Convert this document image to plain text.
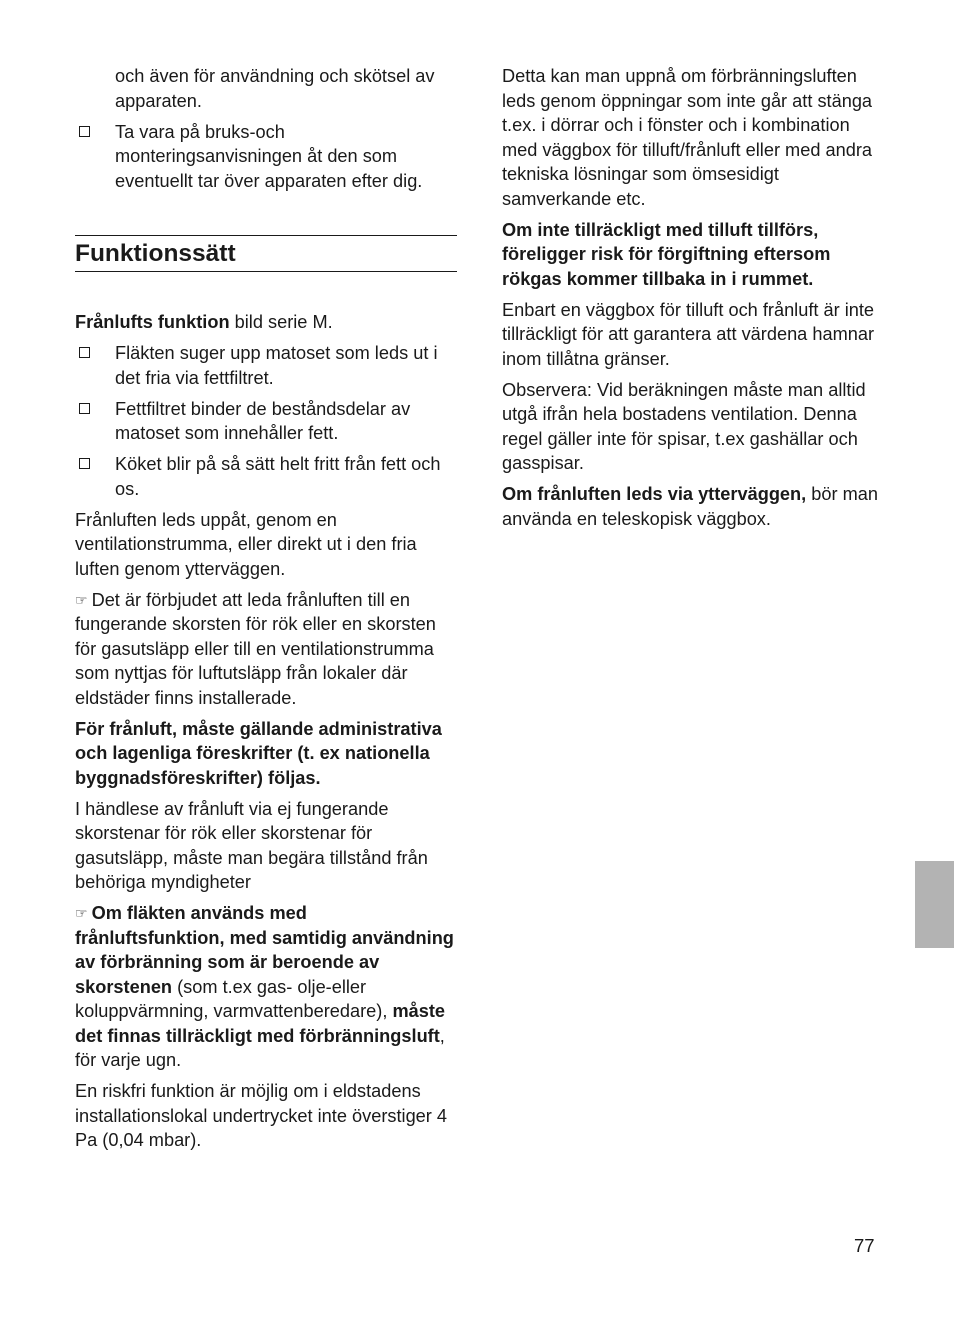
och även för användning och skötsel av apparaten.
Ta vara på bruks-och monteringsanvisningen åt den som eventuellt tar över apparaten efter dig.
Funktionssätt

Frånlufts funktion bild serie M.

Fläkten suger upp matoset som leds ut i det fria via fettfiltret.
Fettfiltret binder de beståndsdelar av matoset som innehåller fett.
Köket blir på så sätt helt fritt från fett och os.

Frånluften leds uppåt, genom en ventilationstrumma, eller direkt ut i den fria luften genom ytterväggen.

☞ Det är förbjudet att leda frånluften till en fungerande skorsten för rök eller en skorsten för gasutsläpp eller till en ventilationstrumma som nyttjas för luftutsläpp från lokaler där eldstäder finns installerade.

För frånluft, måste gällande administrativa och lagenliga föreskrifter (t. ex nationella byggnadsföreskrifter) följas.

I händlese av frånluft via ej fungerande skorstenar för rök eller skorstenar för gasutsläpp, måste man begära tillstånd från behöriga myndigheter

☞ Om fläkten används med frånluftsfunktion, med samtidig användning av förbränning som är beroende av skorstenen (som t.ex gas- olje-eller koluppvärmning, varmvattenberedare), måste det finnas tillräckligt med förbränningsluft, för varje ugn.

En riskfri funktion är möjlig om i eldstadens installationslokal undertrycket inte överstiger 4 Pa (0,04 mbar).

Detta kan man uppnå om förbränningsluften leds genom öppningar som inte går att stänga t.ex. i dörrar och i fönster och i kombination med väggbox för tilluft/frånluft eller med andra tekniska lösningar som ömsesidigt samverkande etc.

Om inte tillräckligt med tilluft tillförs, föreligger risk för förgiftning eftersom rökgas kommer tillbaka in i rummet.

Enbart en väggbox för tilluft och frånluft är inte tillräckligt för att garantera att värdena hamnar inom tillåtna gränser.

Observera: Vid beräkningen måste man alltid utgå ifrån hela bostadens ventilation. Denna regel gäller inte för spisar, t.ex gashällar och gasspisar.

Om frånluften leds via ytterväggen, bör man använda en teleskopisk väggbox.

77
